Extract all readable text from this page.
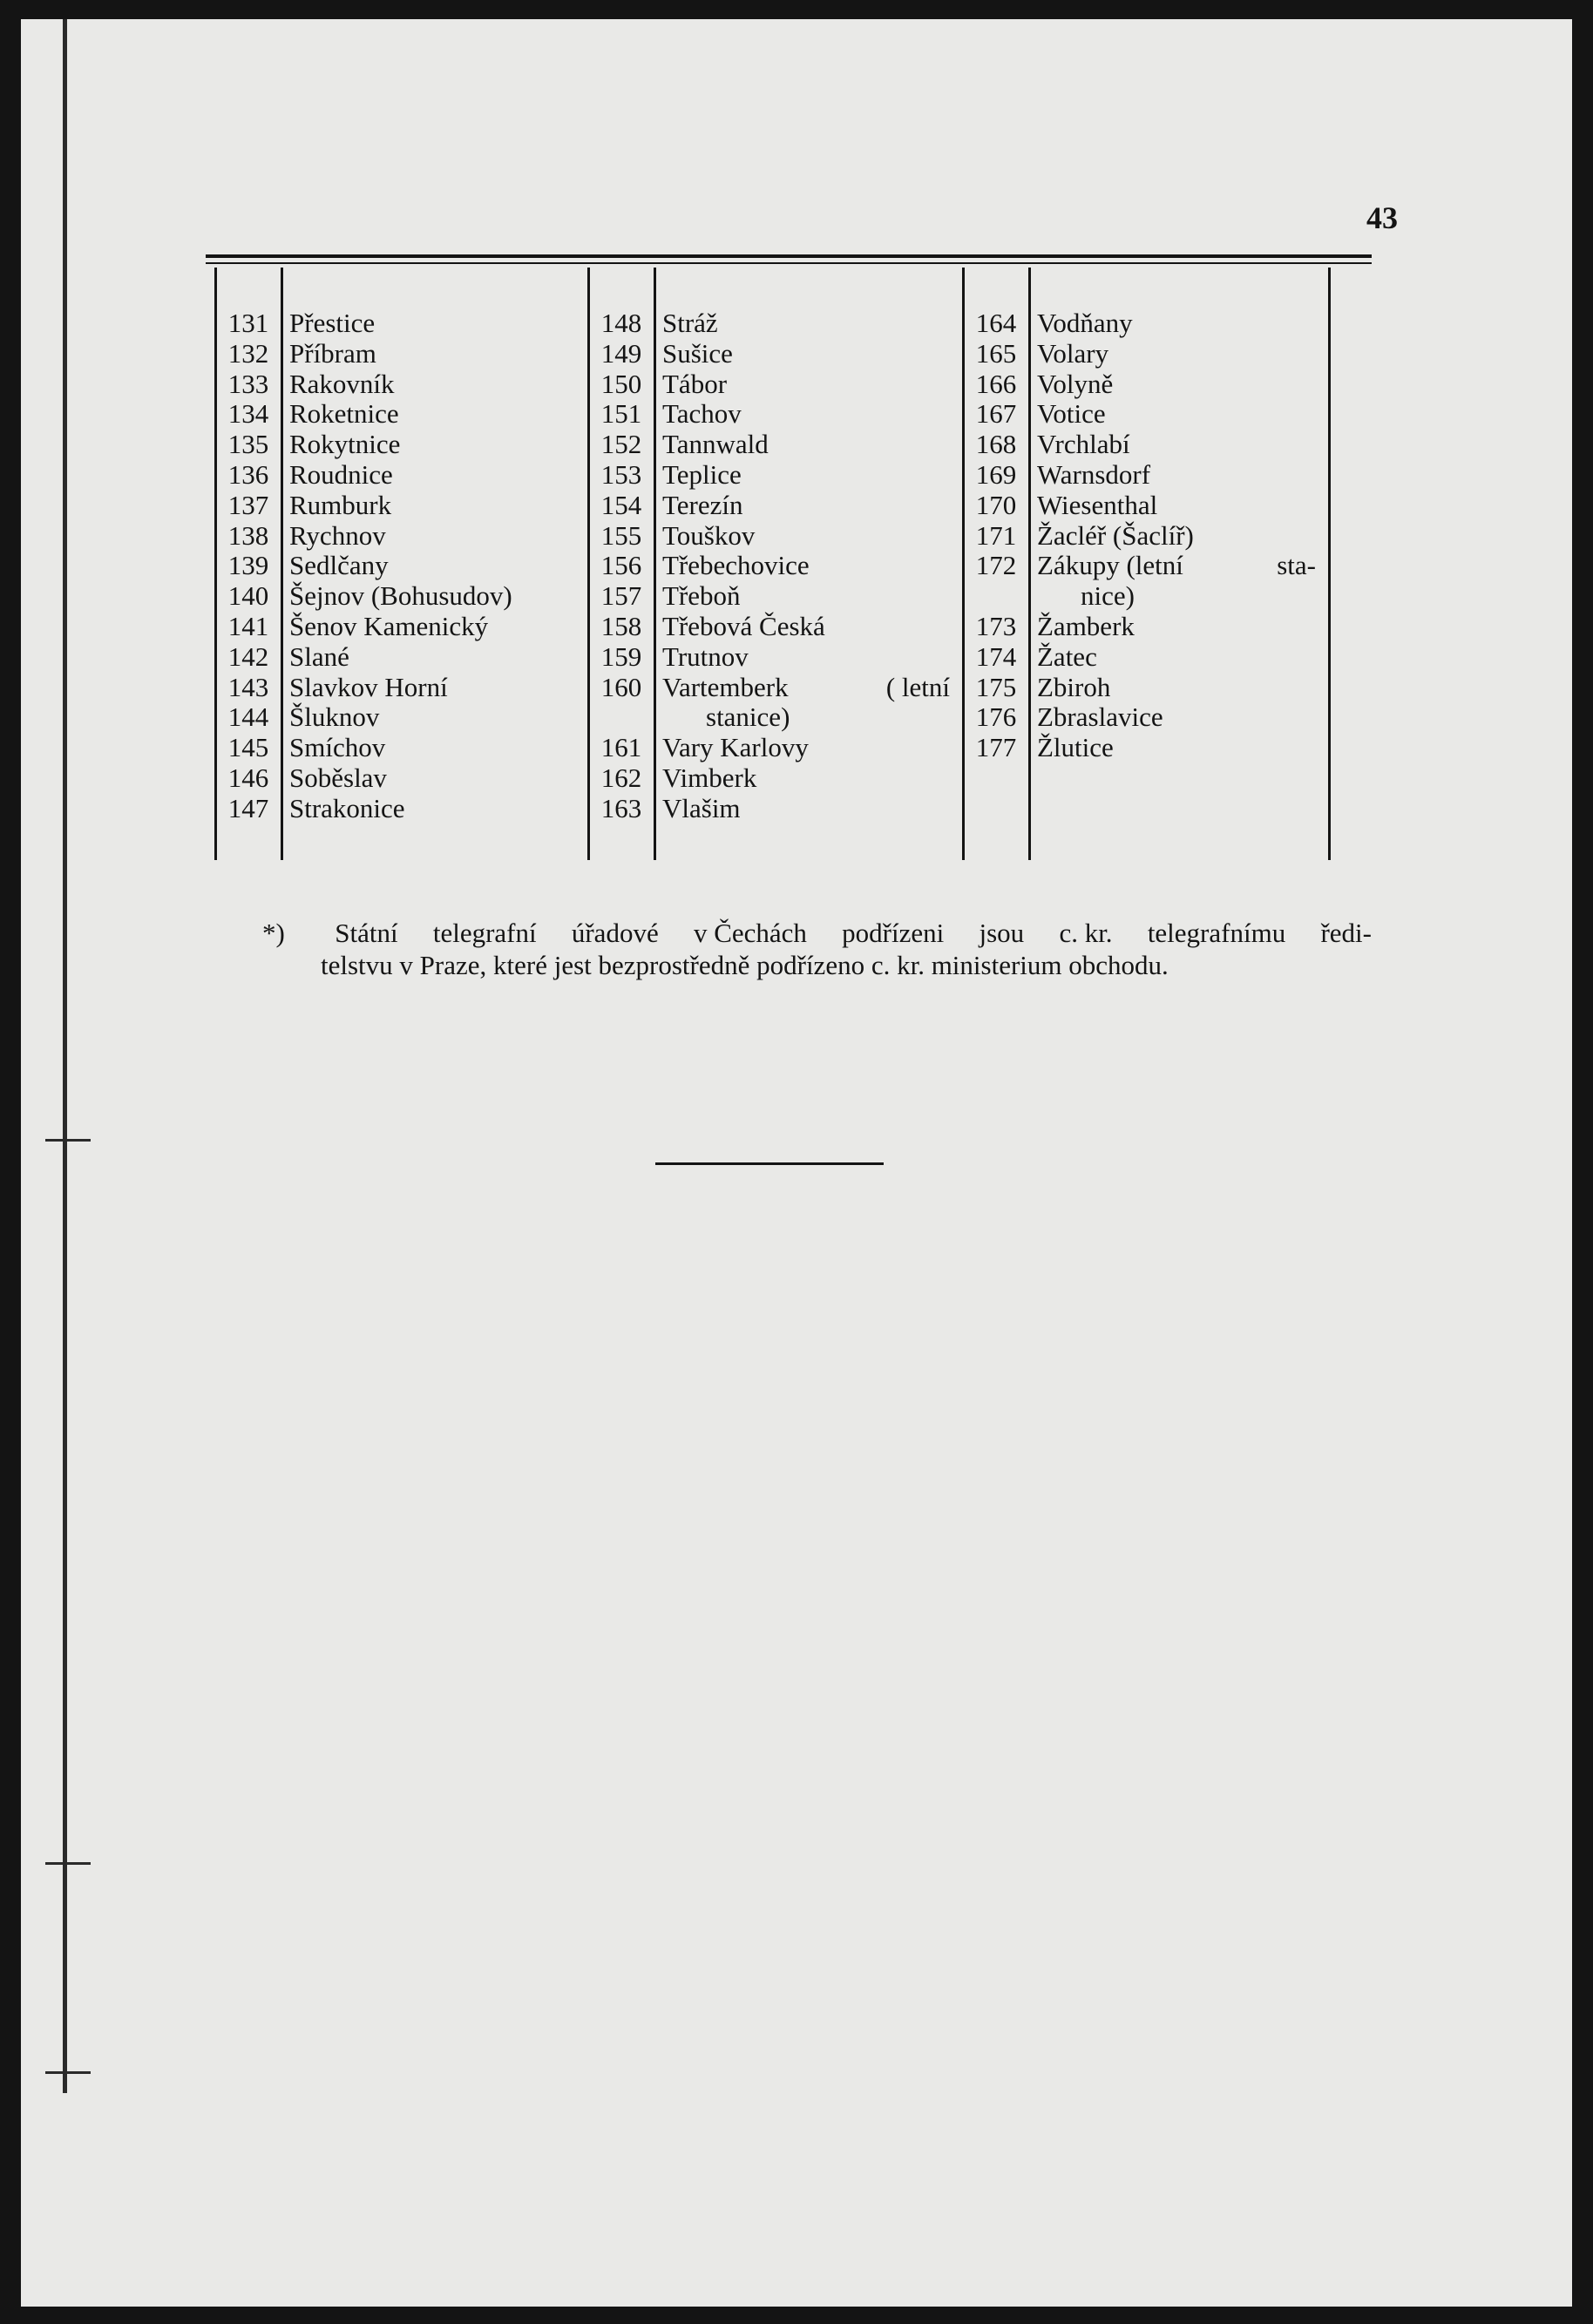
43
131 Přestice
132 Příbram
133 Rakovník
134 Roketnice
135 Rokytnice
136 Roudnice
137 Rumburk
138 Rychnov
139 Sedlčany
140 Šejnov (Bohusudov)
141 Šenov Kamenický
142 Slané
143 Slavkov Horní
144 Šluknov
145 Smíchov
146 Soběslav
147 Strakonice
148 Stráž
149 Sušice
150 Tábor
151 Tachov
152 Tannwald
153 Teplice
154 Terezín
155 Touškov
156 Třebechovice
157 Třeboň
158 Třebová Česká
159 Trutnov
160 Vartemberk	( letní
stanice)
161 Vary Karlovy
162 Vimberk
163 Vlašim
164 Vodňany
165 Volary
166 Volyně
167 Votice
168 Vrchlabí
169 Warnsdorf
170 Wiesenthal
171 Žacléř (Šaclíř)
172 Zákupy (letní	sta-
nice)
173 Žamberk
174 Žatec
175 Zbiroh
176 Zbraslavice
177 Žlutice
*) Státní telegrafní úřadové v Čechách podřízeni jsou c. kr. telegrafnímu ředi-
telstvu v Praze, které jest bezprostředně podřízeno c. kr. ministerium obchodu.
